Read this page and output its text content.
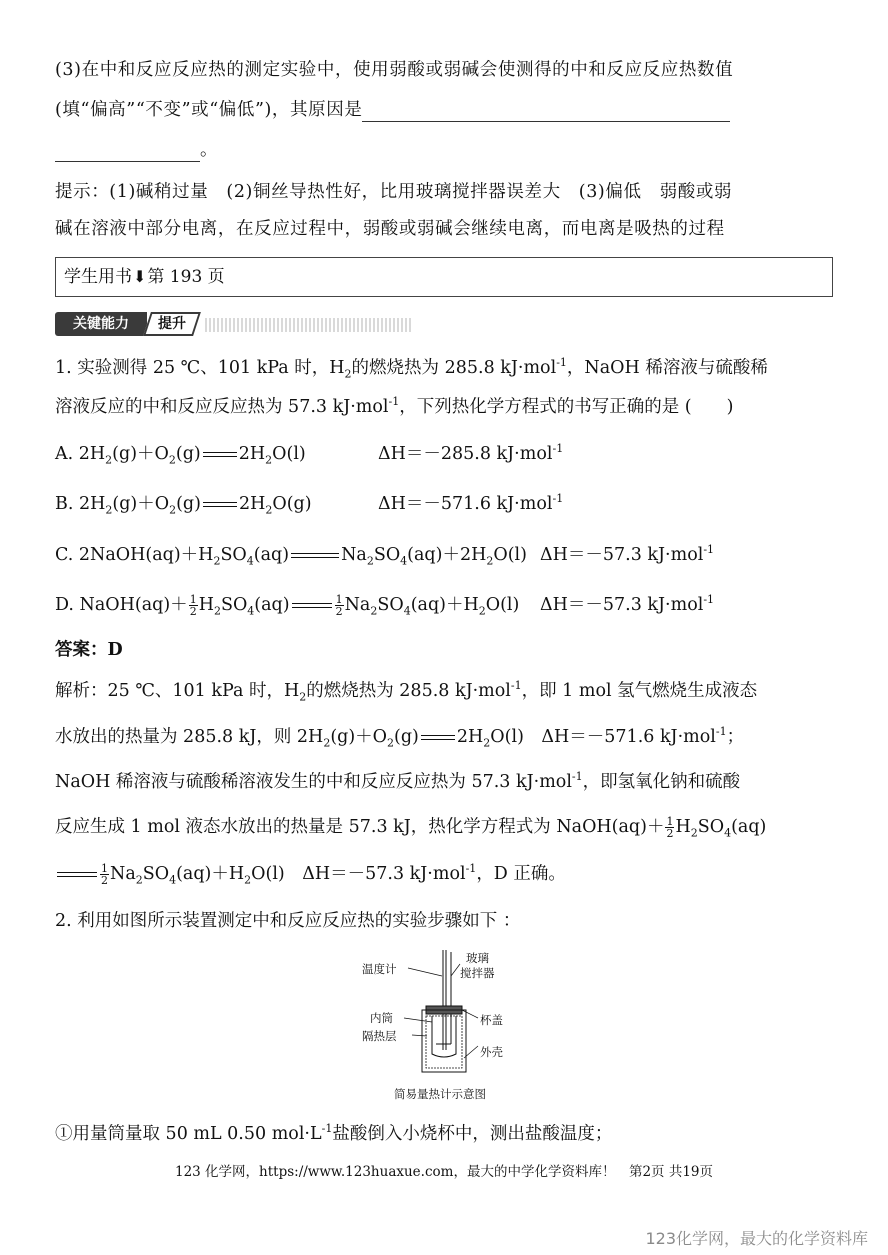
(3)在中和反应反应热的测定实验中，使用弱酸或弱碱会使测得的中和反应反应热数值
(填“偏高”“不变”或“偏低”)，其原因是
。
提示：(1)碱稍过量　(2)铜丝导热性好，比用玻璃搅拌器误差大　(3)偏低　弱酸或弱
碱在溶液中部分电离，在反应过程中，弱酸或弱碱会继续电离，而电离是吸热的过程
学生用书⬇第 193 页
关键能力	提升
1. 实验测得 25 ℃、101 kPa 时，$H_2$的燃烧热为 285.8 kJ·mol$^{-1}$，NaOH 稀溶液与硫酸稀
溶液反应的中和反应反应热为 57.3 kJ·mol$^{-1}$，下列热化学方程式的书写正确的是 (　　)
A. $2H_2(g)+O_2(g)$ $2H_2O(l)$	ΔH＝－285.8 kJ·mol$^{-1}$
B. $2H_2(g)+O_2(g)$ $2H_2O(g)$	ΔH＝－571.6 kJ·mol$^{-1}$
C. $2NaOH(aq)+H_2SO_4(aq)$	$Na_2SO_4(aq)+2H_2O(l)$ ΔH＝－57.3 kJ·mol$^{-1}$
D. NaOH(aq)＋ $\frac{1}{2} H_2SO_4(aq)$	$\frac{1}{2} Na_2SO_4(aq)+H_2O(l)$ ΔH＝－57.3 kJ·mol$^{-1}$
答案：D
解析：25 ℃、101 kPa 时，$H_2$的燃烧热为 285.8 kJ·mol$^{-1}$，即 1 mol 氢气燃烧生成液态
水放出的热量为 285.8 kJ，则 $2H_2(g)+O_2(g)$ $2H_2O(l)$　ΔH＝－571.6 kJ·mol$^{-1}$；
NaOH 稀溶液与硫酸稀溶液发生的中和反应反应热为 57.3 kJ·mol$^{-1}$，即氢氧化钠和硫酸
反应生成 1 mol 液态水放出的热量是 57.3 kJ，热化学方程式为 NaOH(aq)＋ $\frac{1}{2} H_2SO_4(aq)$
$\frac{1}{2} Na_2SO_4(aq)+H_2O(l)$　ΔH＝－57.3 kJ·mol$^{-1}$，D 正确。
2. 利用如图所示装置测定中和反应反应热的实验步骤如下 ：
温度计
玻璃
搅拌器
内筒	杯盖
隔热层
外壳
简易量热计示意图
①用量筒量取 50 mL 0.50 $mol\cdot L^{-1}$盐酸倒入小烧杯中，测出盐酸温度；
123 化学网，https://www.123huaxue.com，最大的中学化学资料库！　第2页 共19页
123化学网，最大的化学资料库
